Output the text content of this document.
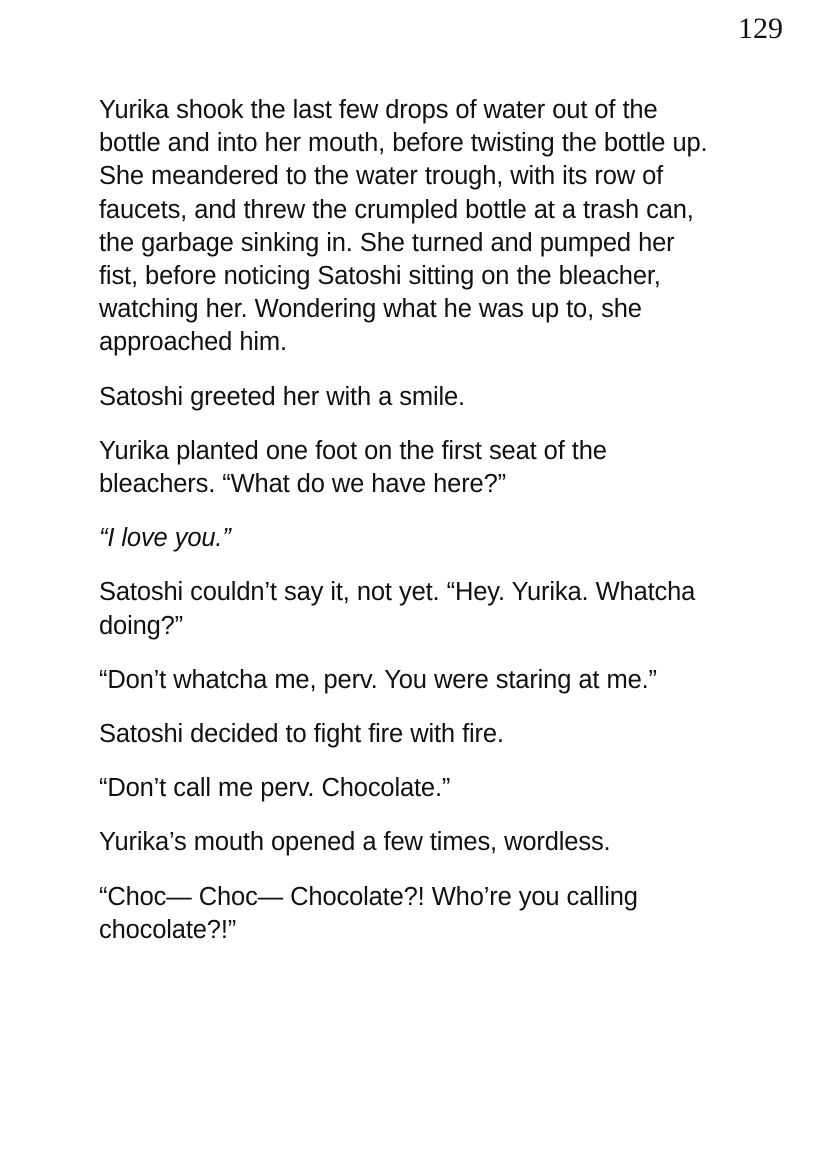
129

Yurika shook the last few drops of water out of the bottle and into her mouth, before twisting the bottle up. She meandered to the water trough, with its row of faucets, and threw the crumpled bottle at a trash can, the garbage sinking in. She turned and pumped her fist, before noticing Satoshi sitting on the bleacher, watching her. Wondering what he was up to, she approached him.

Satoshi greeted her with a smile.

Yurika planted one foot on the first seat of the bleachers. “What do we have here?”

“I love you.”

Satoshi couldn’t say it, not yet. “Hey. Yurika. Whatcha doing?”

“Don’t whatcha me, perv. You were staring at me.”

Satoshi decided to fight fire with fire.

“Don’t call me perv. Chocolate.”

Yurika’s mouth opened a few times, wordless.

“Choc— Choc— Chocolate?! Who’re you calling chocolate?!”
